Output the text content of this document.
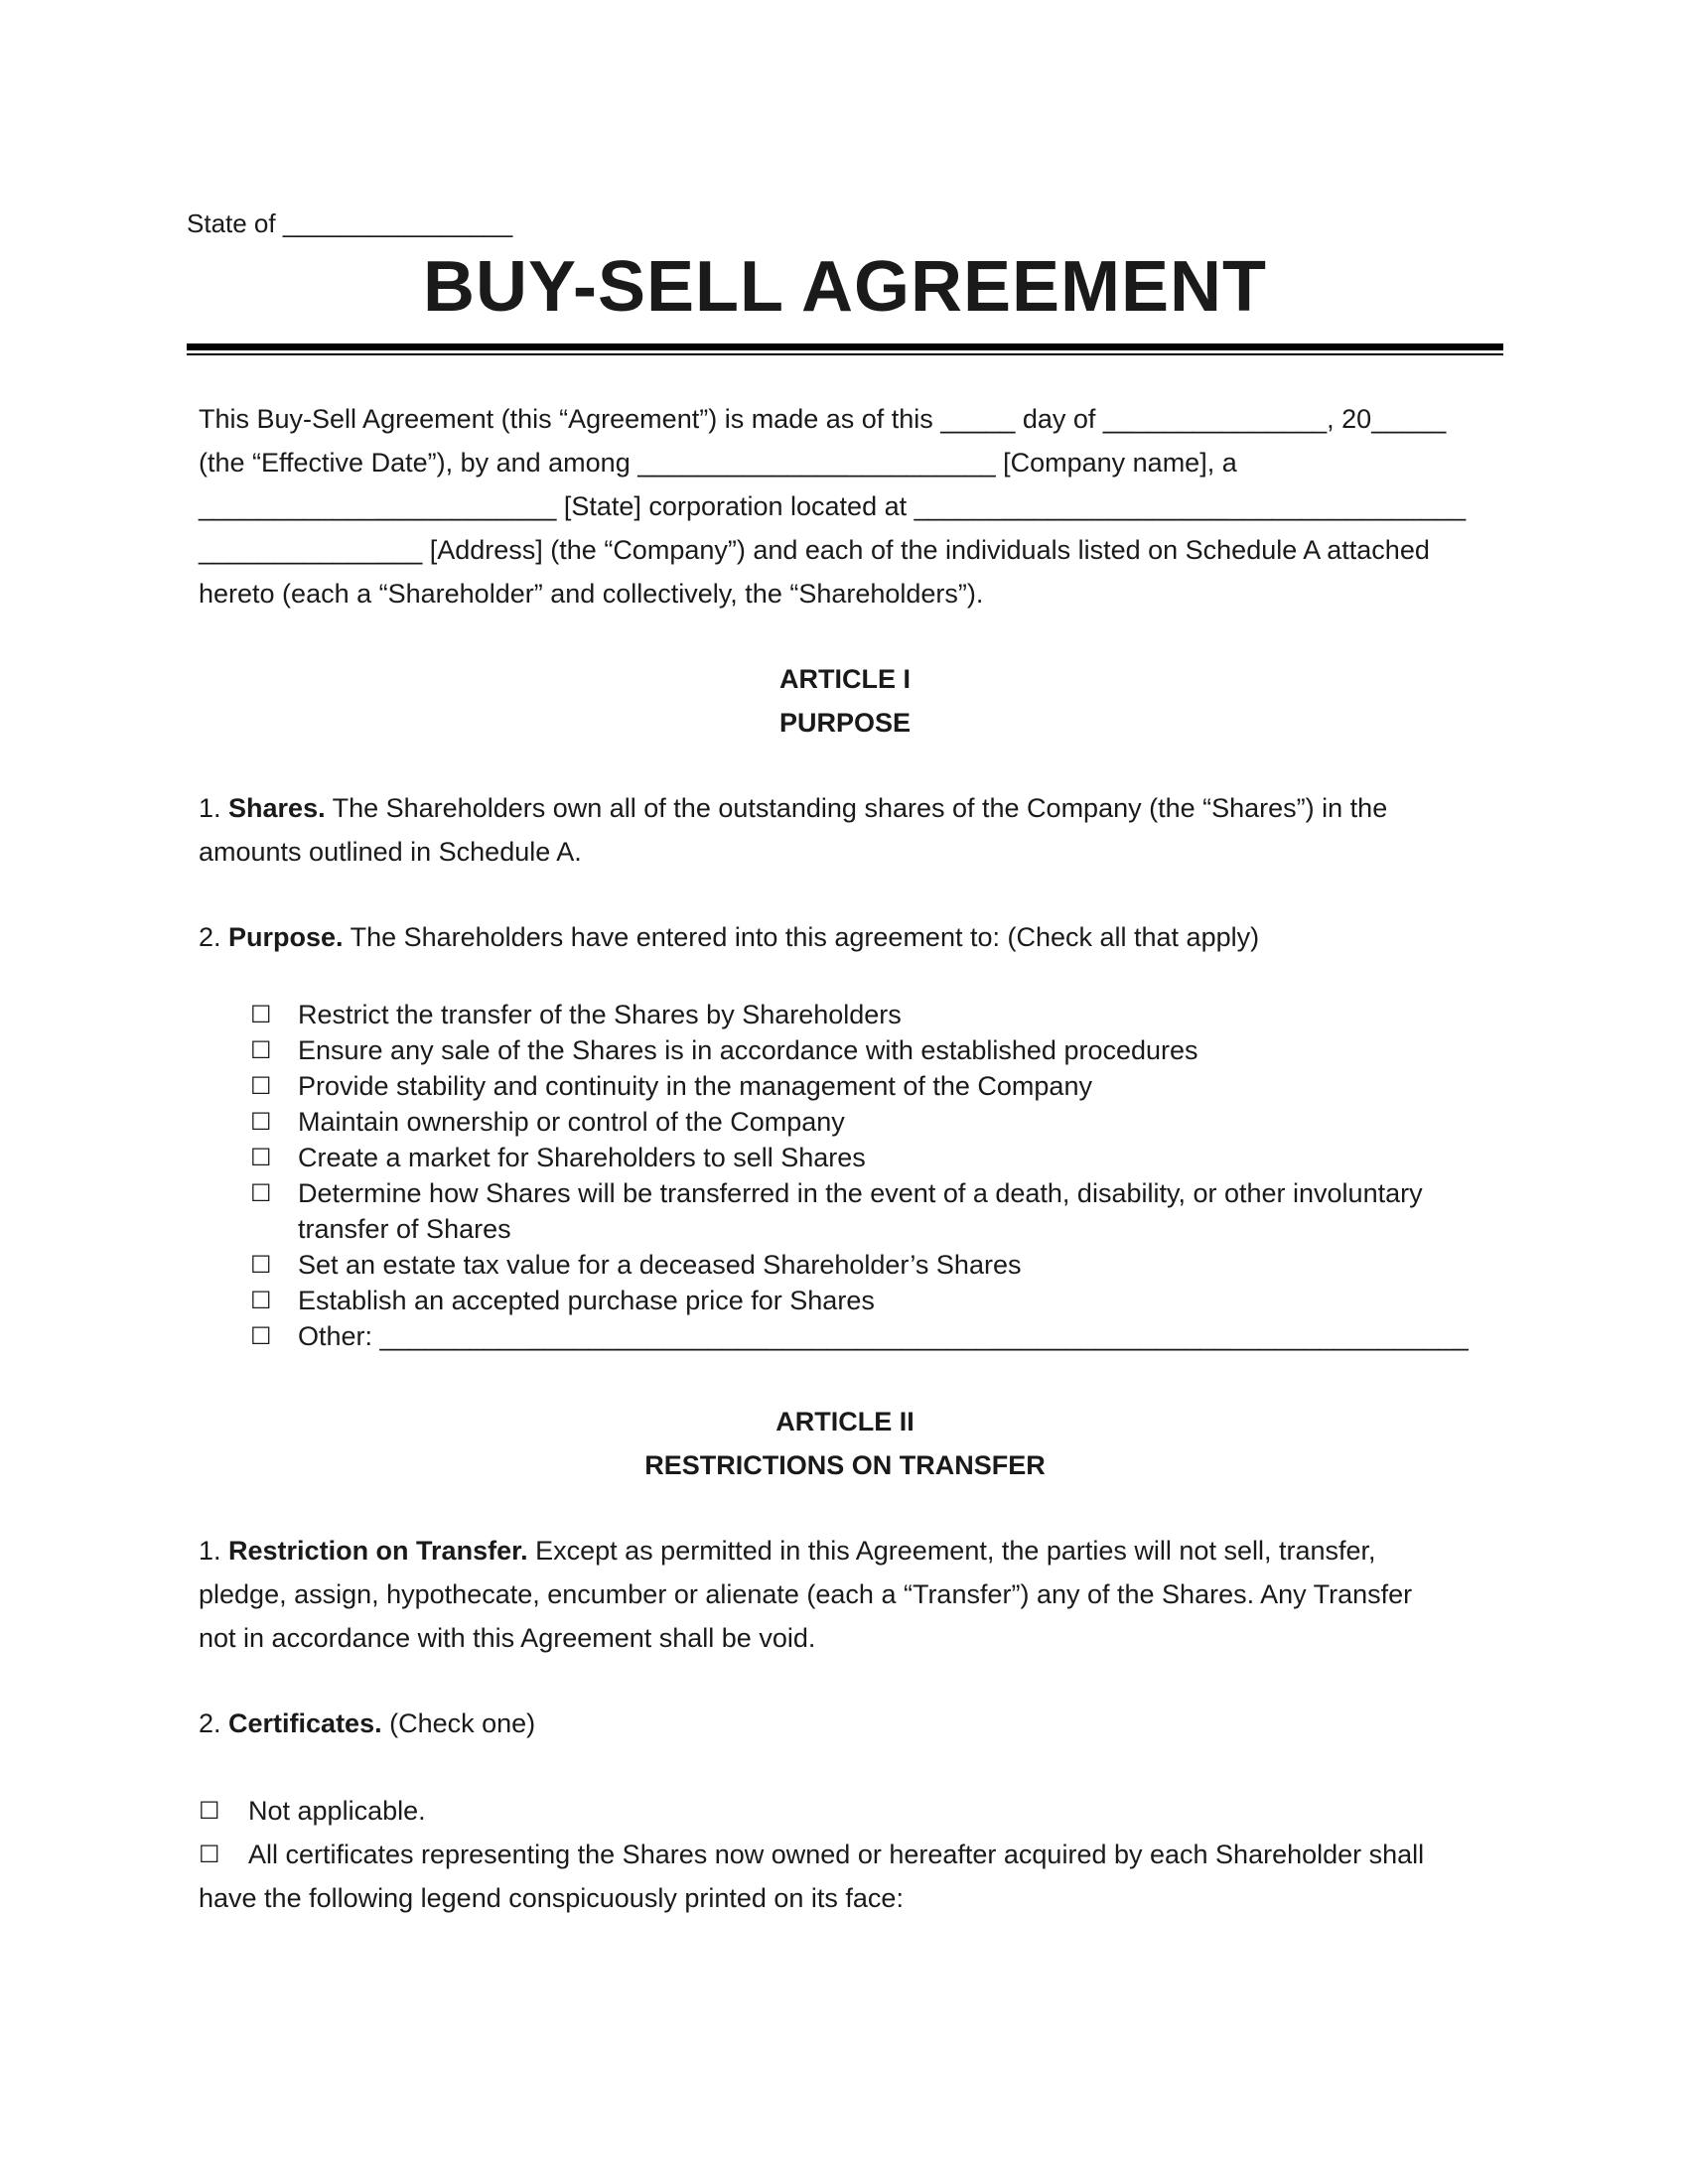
State of ________________
BUY-SELL AGREEMENT
This Buy-Sell Agreement (this “Agreement”) is made as of this _____ day of _______________, 20_____
(the “Effective Date”), by and among ________________________ [Company name], a
________________________ [State] corporation located at _____________________________________
_______________ [Address] (the “Company”) and each of the individuals listed on Schedule A attached
hereto (each a “Shareholder” and collectively, the “Shareholders”).
ARTICLE I
PURPOSE
1. Shares. The Shareholders own all of the outstanding shares of the Company (the “Shares”) in the
amounts outlined in Schedule A.
2. Purpose. The Shareholders have entered into this agreement to: (Check all that apply)
☐ Restrict the transfer of the Shares by Shareholders
☐ Ensure any sale of the Shares is in accordance with established procedures
☐ Provide stability and continuity in the management of the Company
☐ Maintain ownership or control of the Company
☐ Create a market for Shareholders to sell Shares
☐ Determine how Shares will be transferred in the event of a death, disability, or other involuntary
transfer of Shares
☐ Set an estate tax value for a deceased Shareholder’s Shares
☐ Establish an accepted purchase price for Shares
☐ Other: _________________________________________________________________________
ARTICLE II
RESTRICTIONS ON TRANSFER
1. Restriction on Transfer. Except as permitted in this Agreement, the parties will not sell, transfer,
pledge, assign, hypothecate, encumber or alienate (each a “Transfer”) any of the Shares. Any Transfer
not in accordance with this Agreement shall be void.
2. Certificates. (Check one)
☐ Not applicable.
☐ All certificates representing the Shares now owned or hereafter acquired by each Shareholder shall
have the following legend conspicuously printed on its face:
